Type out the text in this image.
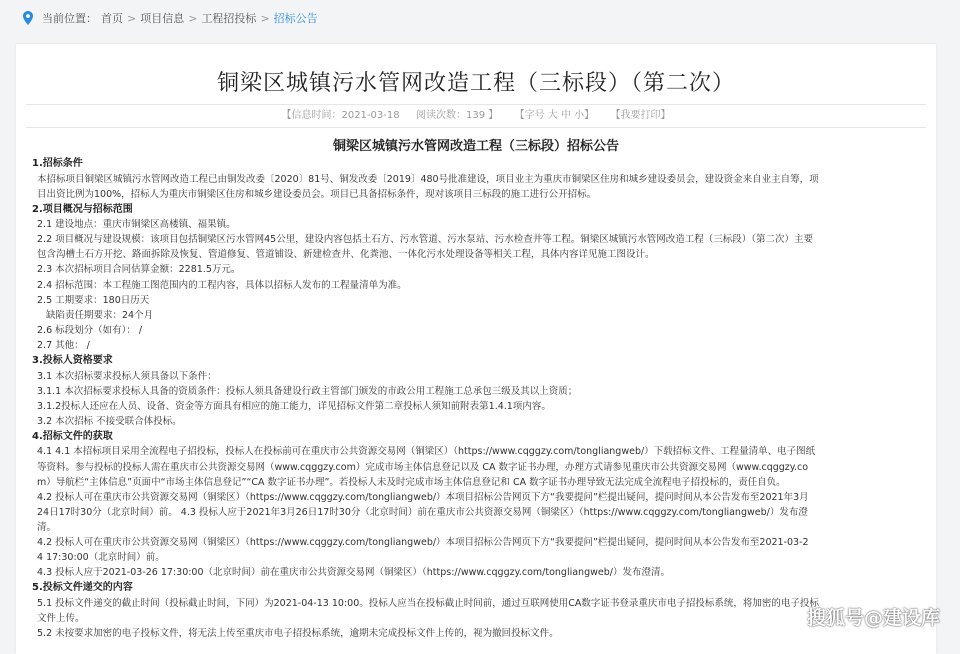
当前位置： 首页 > 项目信息 > 工程招投标 > 招标公告
铜梁区城镇污水管网改造工程（三标段）（第二次）
【信息时间：2021-03-18 阅读次数：139 】 【字号 大 中 小】 【我要打印】
铜梁区城镇污水管网改造工程（三标段）招标公告
1.招标条件

本招标项目铜梁区城镇污水管网改造工程已由铜发改委〔2020〕81号、铜发改委〔2019〕480号批准建设，项目业主为重庆市铜梁区住房和城乡建设委员会，建设资金来自业主自筹，项

目出资比例为100%，招标人为重庆市铜梁区住房和城乡建设委员会。项目已具备招标条件，现对该项目三标段的施工进行公开招标。

2.项目概况与招标范围

2.1 建设地点：重庆市铜梁区高楼镇、福果镇。

2.2 项目概况与建设规模：该项目包括铜梁区污水管网45公里，建设内容包括土石方、污水管道、污水泵站、污水检查井等工程。铜梁区城镇污水管网改造工程（三标段）（第二次）主要

包含沟槽土石方开挖、路面拆除及恢复、管道修复、管道铺设、新建检查井、化粪池、一体化污水处理设备等相关工程，具体内容详见施工图设计。

2.3 本次招标项目合同估算金额：2281.5万元。

2.4 招标范围：本工程施工图范围内的工程内容，具体以招标人发布的工程量清单为准。

2.5 工期要求：180日历天

缺陷责任期要求：24个月

2.6 标段划分（如有）： /

2.7 其他： /

3.投标人资格要求

3.1 本次招标要求投标人须具备以下条件：

3.1.1 本次招标要求投标人具备的资质条件：投标人须具备建设行政主管部门颁发的市政公用工程施工总承包三级及其以上资质；

3.1.2投标人还应在人员、设备、资金等方面具有相应的施工能力，详见招标文件第二章投标人须知前附表第1.4.1项内容。

3.2 本次招标 不接受联合体投标。

4.招标文件的获取

4.1 4.1 本招标项目采用全流程电子招投标，投标人在投标前可在重庆市公共资源交易网（铜梁区）（https://www.cqggzy.com/tongliangweb/）下载招标文件、工程量清单、电子图纸

等资料。参与投标的投标人需在重庆市公共资源交易网（www.cqggzy.com）完成市场主体信息登记以及 CA 数字证书办理，办理方式请参见重庆市公共资源交易网（www.cqggzy.co

m）导航栏“主体信息”页面中“市场主体信息登记”“CA 数字证书办理”。若投标人未及时完成市场主体信息登记和 CA 数字证书办理导致无法完成全流程电子招投标的，责任自负。

4.2 投标人可在重庆市公共资源交易网（铜梁区）（https://www.cqggzy.com/tongliangweb/）本项目招标公告网页下方“我要提问”栏提出疑问，提问时间从本公告发布至2021年3月

24日17时30分（北京时间）前。 4.3 投标人应于2021年3月26日17时30分（北京时间）前在重庆市公共资源交易网（铜梁区）（https://www.cqggzy.com/tongliangweb/）发布澄

清。

4.2 投标人可在重庆市公共资源交易网（铜梁区）（https://www.cqggzy.com/tongliangweb/）本项目招标公告网页下方“我要提问”栏提出疑问，提问时间从本公告发布至2021-03-2

4 17:30:00（北京时间）前。

4.3 投标人应于2021-03-26 17:30:00（北京时间）前在重庆市公共资源交易网（铜梁区）（https://www.cqggzy.com/tongliangweb/）发布澄清。

5.投标文件递交的内容

5.1 投标文件递交的截止时间（投标截止时间，下同）为2021-04-13 10:00。投标人应当在投标截止时间前，通过互联网使用CA数字证书登录重庆市电子招投标系统，将加密的电子投标

文件上传。

5.2 未按要求加密的电子投标文件，将无法上传至重庆市电子招投标系统，逾期未完成投标文件上传的，视为撤回投标文件。

搜狐号@建设库
